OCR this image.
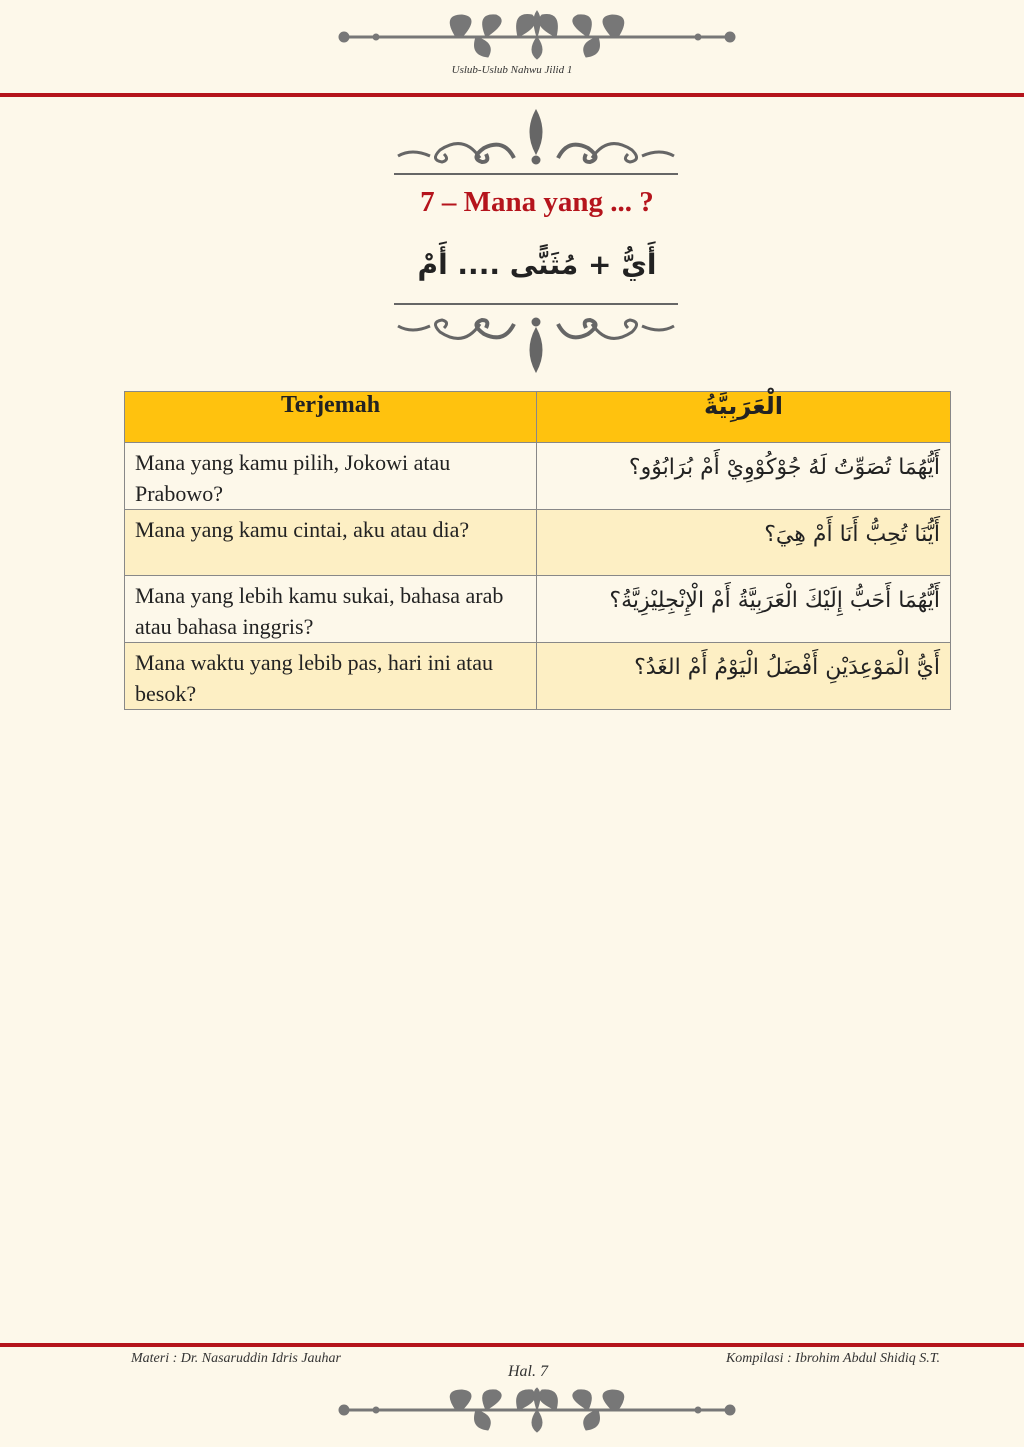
Uslub-Uslub Nahwu Jilid 1
7 – Mana yang ... ?
أَيُّ + مُثَنًّى .... أَمْ
Terjemah	الْعَرَبِيَّةُ
Mana yang kamu pilih, Jokowi atau Prabowo?	أَيُّهُمَا تُصَوِّتُ لَهُ جُوْكُوْوِيْ أَمْ بُرَابُوُو؟
Mana yang kamu cintai, aku atau dia?	أَيُّنَا تُحِبُّ أَنَا أَمْ هِيَ؟
Mana yang lebih kamu sukai, bahasa arab atau bahasa inggris?	أَيُّهُمَا أَحَبُّ إِلَيْكَ الْعَرَبِيَّةُ أَمْ الْإِنْجِلِيْزِيَّةُ؟
Mana waktu yang lebib pas, hari ini atau besok?	أَيُّ الْمَوْعِدَيْنِ أَفْضَلُ الْيَوْمُ أَمْ الغَدُ؟
Materi : Dr. Nasaruddin Idris Jauhar	Kompilasi : Ibrohim Abdul Shidiq S.T.
Hal. 7
